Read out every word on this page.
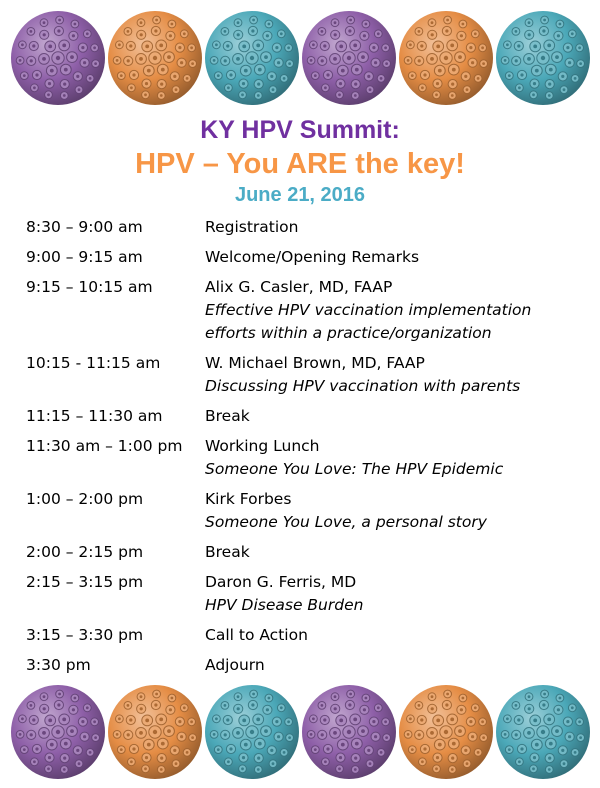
KY HPV Summit:

HPV – You ARE the key!

June 21, 2016

8:30 – 9:00 am	Registration
9:00 – 9:15 am	Welcome/Opening Remarks
9:15 – 10:15 am	Alix G. Casler, MD, FAAP
Effective HPV vaccination implementation efforts within a practice/organization
10:15 - 11:15 am	W. Michael Brown, MD, FAAP
Discussing HPV vaccination with parents
11:15 – 11:30 am	Break
11:30 am – 1:00 pm	Working Lunch
Someone You Love: The HPV Epidemic
1:00 – 2:00 pm	Kirk Forbes
Someone You Love, a personal story
2:00 – 2:15 pm	Break
2:15 – 3:15 pm	Daron G. Ferris, MD
HPV Disease Burden
3:15 – 3:30 pm	Call to Action
3:30 pm	Adjourn
